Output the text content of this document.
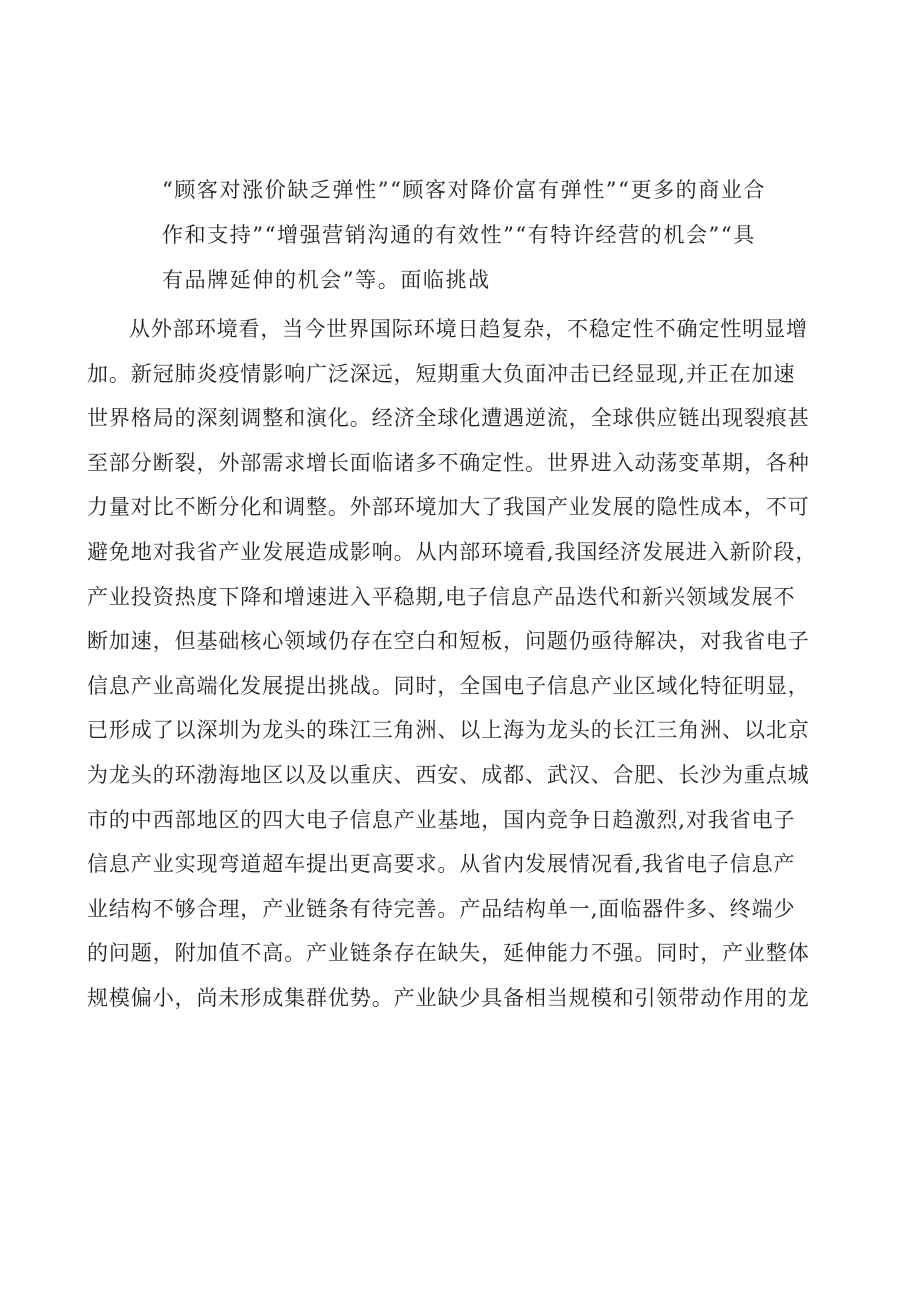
“顾客对涨价缺乏弹性”“顾客对降价富有弹性”“更多的商业合
作和支持”“增强营销沟通的有效性”“有特许经营的机会”“具
有品牌延伸的机会”等。面临挑战

从外部环境看，当今世界国际环境日趋复杂，不稳定性不确定性明显增
加。新冠肺炎疫情影响广泛深远，短期重大负面冲击已经显现,并正在加速
世界格局的深刻调整和演化。经济全球化遭遇逆流，全球供应链出现裂痕甚
至部分断裂，外部需求增长面临诸多不确定性。世界进入动荡变革期，各种
力量对比不断分化和调整。外部环境加大了我国产业发展的隐性成本，不可
避免地对我省产业发展造成影响。从内部环境看,我国经济发展进入新阶段，
产业投资热度下降和增速进入平稳期,电子信息产品迭代和新兴领域发展不
断加速，但基础核心领域仍存在空白和短板，问题仍亟待解决，对我省电子
信息产业高端化发展提出挑战。同时，全国电子信息产业区域化特征明显，
已形成了以深圳为龙头的珠江三角洲、以上海为龙头的长江三角洲、以北京
为龙头的环渤海地区以及以重庆、西安、成都、武汉、合肥、长沙为重点城
市的中西部地区的四大电子信息产业基地，国内竞争日趋激烈,对我省电子
信息产业实现弯道超车提出更高要求。从省内发展情况看,我省电子信息产
业结构不够合理，产业链条有待完善。产品结构单一,面临器件多、终端少
的问题，附加值不高。产业链条存在缺失，延伸能力不强。同时，产业整体
规模偏小，尚未形成集群优势。产业缺少具备相当规模和引领带动作用的龙
